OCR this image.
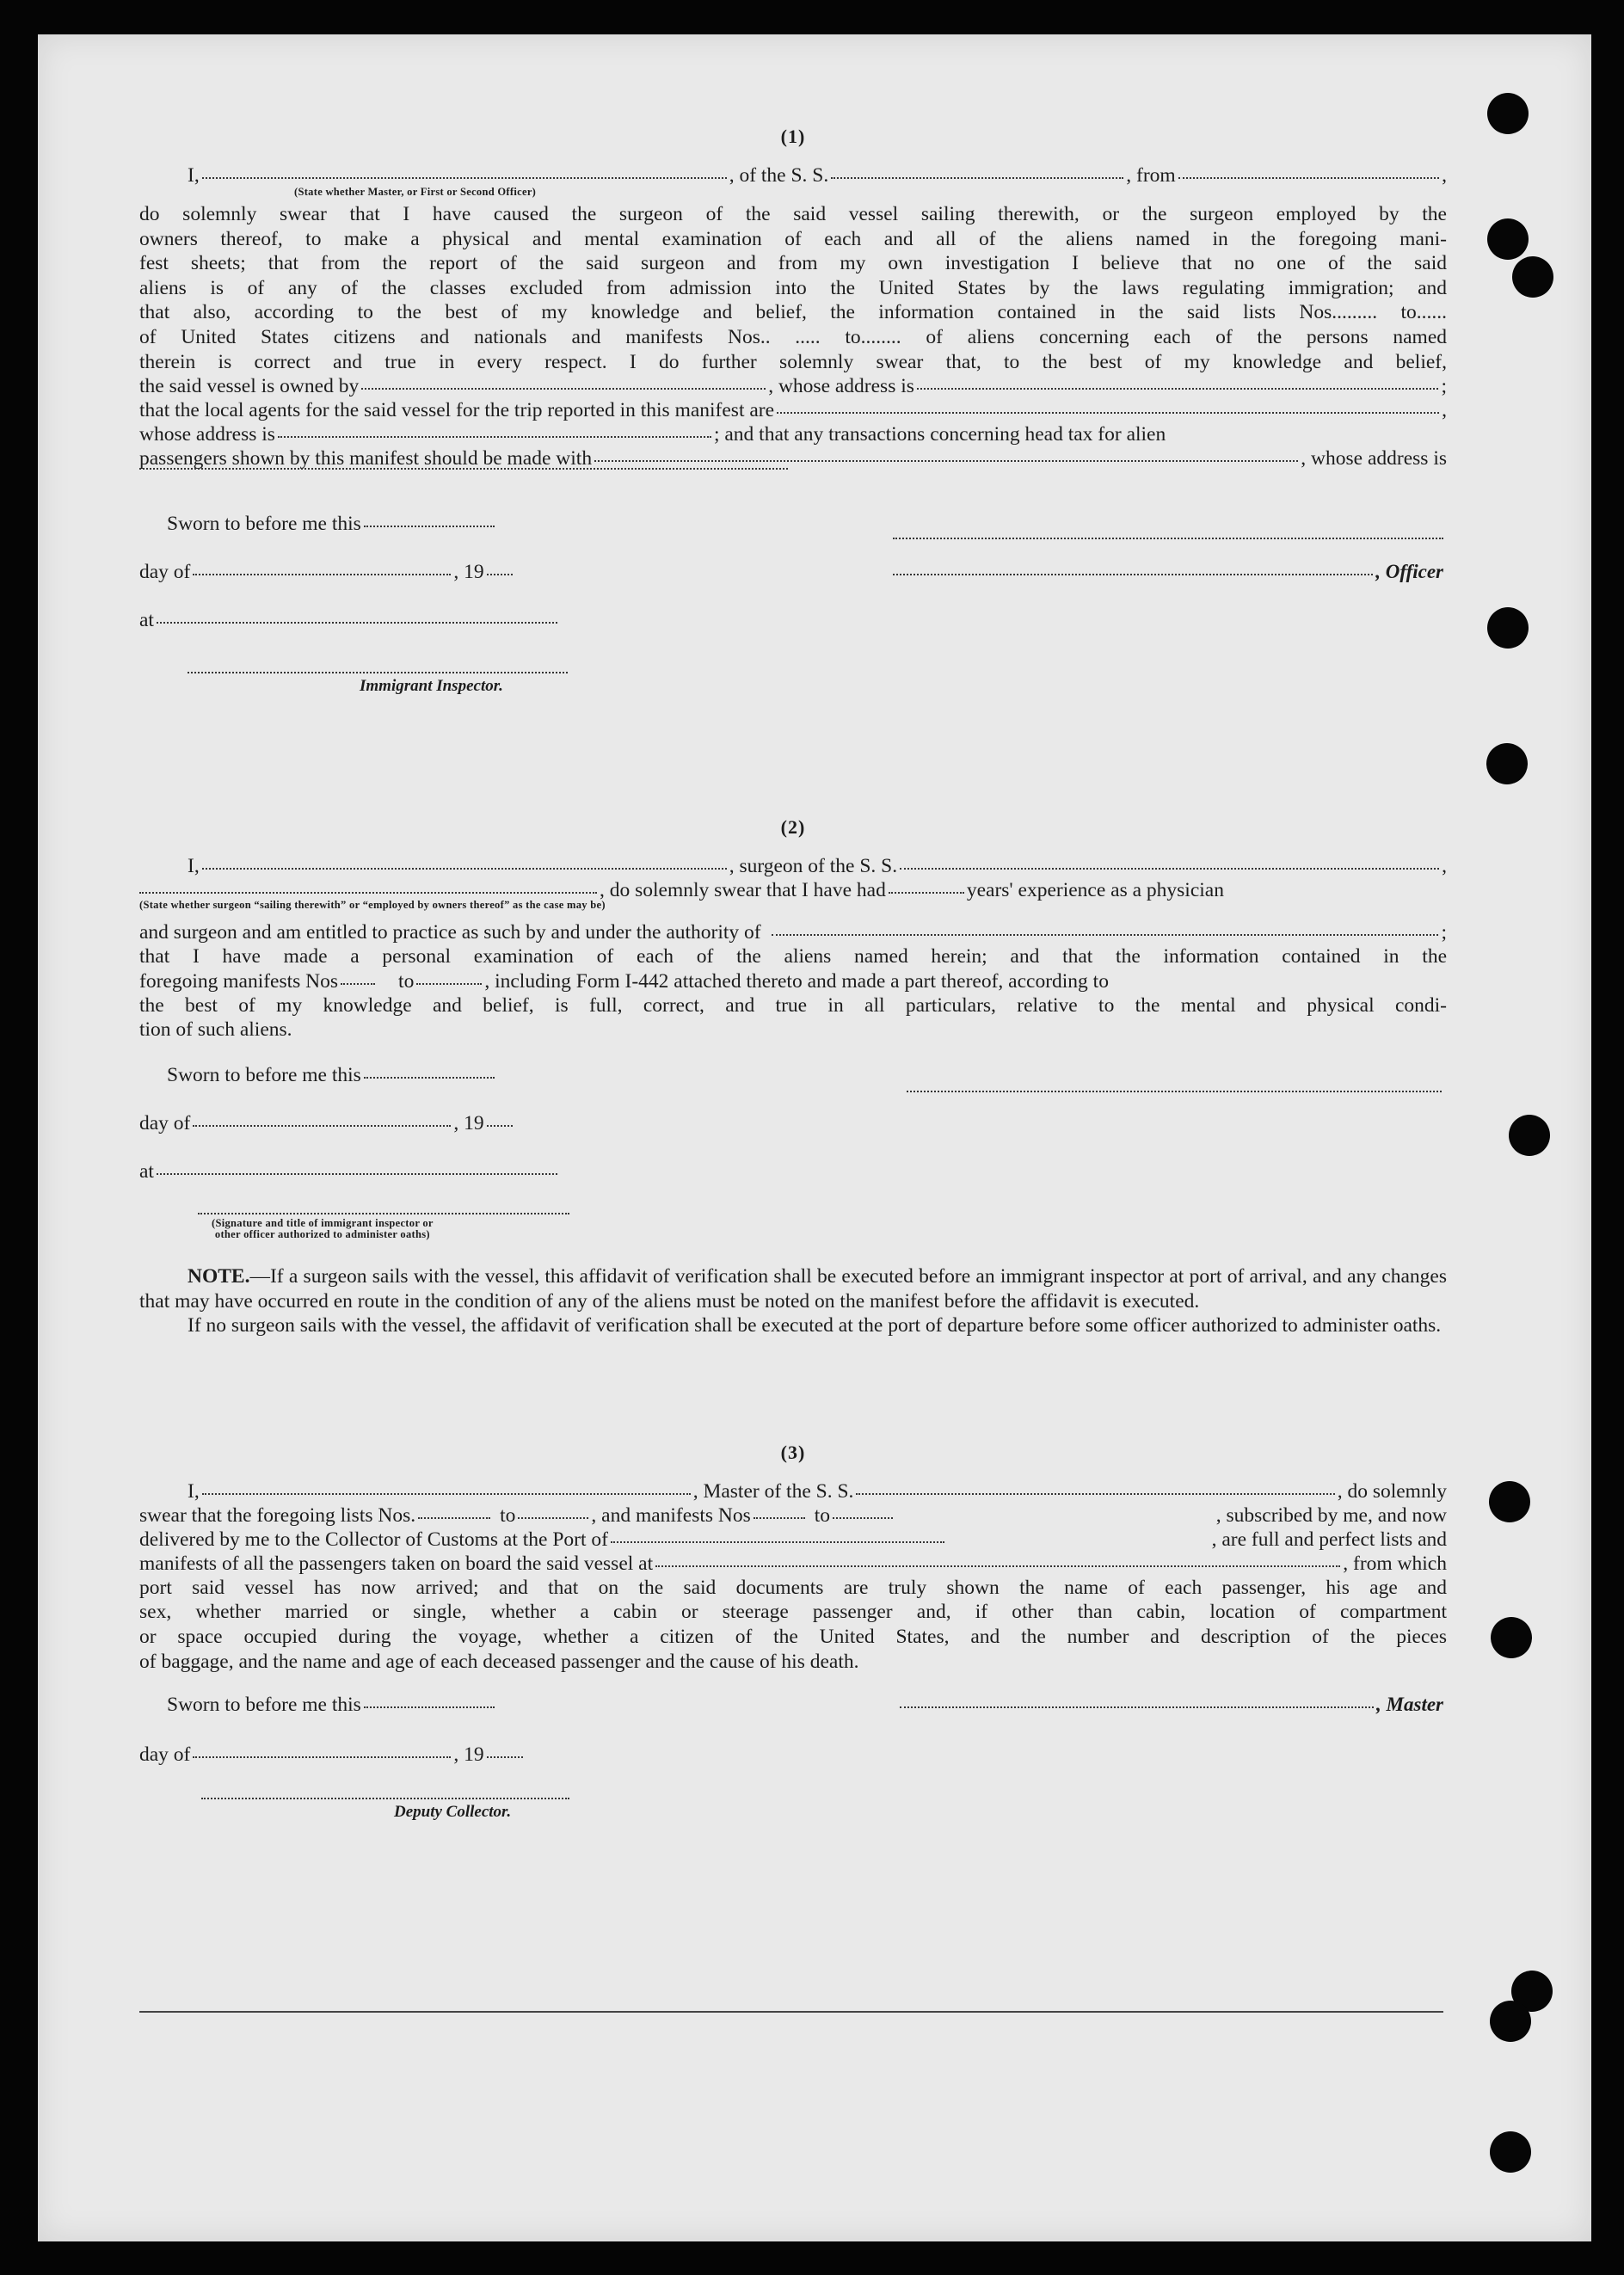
(1)
I,	, of the S. S.	, from	,
(State whether Master, or First or Second Officer)

do solemnly swear that I have caused the surgeon of the said vessel sailing therewith, or the surgeon employed by the

owners thereof, to make a physical and mental examination of each and all of the aliens named in the foregoing mani-

fest sheets; that from the report of the said surgeon and from my own investigation I believe that no one of the said

aliens is of any of the classes excluded from admission into the United States by the laws regulating immigration; and

that also, according to the best of my knowledge and belief, the information contained in the said lists Nos......... to......

of United States citizens and nationals and manifests Nos.. ..... to........ of aliens concerning each of the persons named

therein is correct and true in every respect. I do further solemnly swear that, to the best of my knowledge and belief,

the said vessel is owned by	, whose address is	;
that the local agents for the said vessel for the trip reported in this manifest are	,
whose address is	; and that any transactions concerning head tax for alien
passengers shown by this manifest should be made with	, whose address is
Sworn to before me this
day of	, 19
at
Immigrant Inspector.
, Officer
(2)
I,	, surgeon of the S. S.	,
, do solemnly swear that I have had	years' experience as a physician
(State whether surgeon “sailing therewith” or “employed by owners thereof” as the case may be)
and surgeon and am entitled to practice as such by and under the authority of	;

that I have made a personal examination of each of the aliens named herein; and that the information contained in the

foregoing manifests Nos	to	, including Form I-442 attached thereto and made a part thereof, according to

the best of my knowledge and belief, is full, correct, and true in all particulars, relative to the mental and physical condi-

tion of such aliens.

Sworn to before me this
day of	, 19
at
(Signature and title of immigrant inspector or
other officer authorized to administer oaths)

NOTE.—If a surgeon sails with the vessel, this affidavit of verification shall be executed before an immigrant inspector at port of arrival, and any changes that may have occurred en route in the condition of any of the aliens must be noted on the manifest before the affidavit is executed.

If no surgeon sails with the vessel, the affidavit of verification shall be executed at the port of departure before some officer authorized to administer oaths.

(3)
I,	, Master of the S. S.	, do solemnly
swear that the foregoing lists Nos.	to	, and manifests Nos	to	, subscribed by me, and now
delivered by me to the Collector of Customs at the Port of	, are full and perfect lists and
manifests of all the passengers taken on board the said vessel at	, from which

port said vessel has now arrived; and that on the said documents are truly shown the name of each passenger, his age and

sex, whether married or single, whether a cabin or steerage passenger and, if other than cabin, location of compartment

or space occupied during the voyage, whether a citizen of the United States, and the number and description of the pieces

of baggage, and the name and age of each deceased passenger and the cause of his death.

Sworn to before me this	, Master
day of	, 19
Deputy Collector.
